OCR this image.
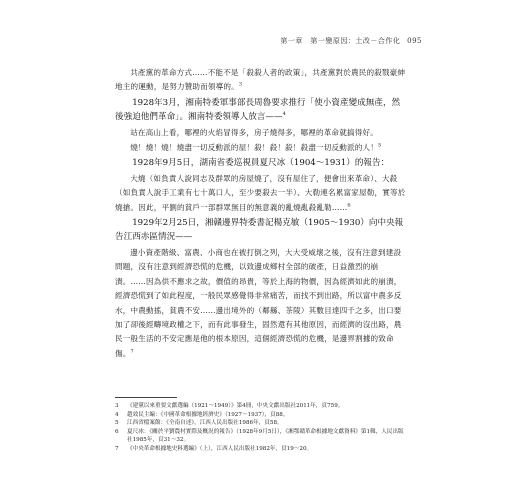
第一章　第一變原因：土改－合作化 095

共產黨的革命方式……不能不是「殺殺人者的政策」，共產黨對於農民的殺戮豪紳地主的運動，是努力贊助而領導的。$^3$

1928年3月，湘南特委軍事部長周魯要求推行「使小資產變成無產，然後強迫他們革命」。湘南特委領導人放言——$^4$

站在高山上看，哪裡的火焰冒得多，房子燒得多，哪裡的革命就搞得好。

燒！燒！燒！燒盡一切反動派的屋！殺！殺！殺！殺盡一切反動派的人！$^5$

1928年9月5日，湖南省委巡視員夏尺冰（1904～1931）的報告：

大燒（如負責人說同志及群眾的房屋燒了，沒有屋住了，便會出來革命）、大殺（如負責人說手工業有七十萬口人，至少要殺去一半）、大勒連名累富家屋勒，實等於燒搶。因此，平劉的貧戶一部群眾無目的無意義的亂燒亂殺亂勒……$^6$

1929年2月25日，湘贛邊界特委書記楊克敏（1905～1930）向中央報告江西赤區情況——

邊小資產階級、富農、小商也在被打倒之列，大大受威壞之後，沒有注意到建設問題，沒有注意到經濟恐慌的危機，以致邊成鄉村全部的破產，日益激烈的崩潰。……因為供不應求之故，價值的昂貴，等於上海的物價，因為經濟如此的崩潰，經濟恐慌到了如此程度，一般民眾感覺得非常痛苦，而找不到出路，所以富中農多反水，中農動搖，貧農不安……邊出境外的（鄰縣、茶陵）其數目達四千之多，出口要加了卻後經疇境政權之下，而有此事發生，固然還有其他原因，而經濟的沒出路，農民一般生活的不安定應是他的根本原因，這個經濟恐慌的危機，是邊界割據的致命傷。$^7$

3	《建黨以來重要文獻選編（1921～1949）》第4冊，中央文獻出版社2011年，頁759。
4	趙效民主編：《中國革命根據地經濟史》（1927～1937），頁88。
5	江西省檔案館：《全南自述》，江西人民出版社1986年，頁58。
6	夏尺冰：《關於平劉農村實際及概況的報告》（1928年9月5日），《湘鄂贛革命根據地文獻資料》第1輯，人民出版社1985年，頁31～32。
7	《中央革命根據地史料選編》（上），江西人民出版社1982年，頁19～20。
